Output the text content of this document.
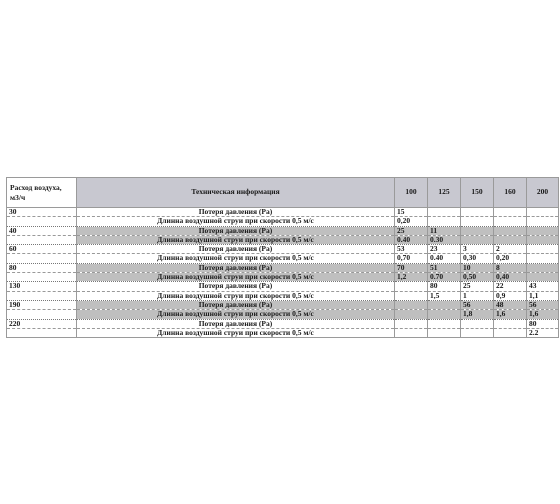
Расход воздуха, м3/ч	Техническая информация	100	125	150	160	200
30	Потеря давления (Pa)	15				
	Длинна воздушной струи при скорости 0,5 м/с	0,20				
40	Потеря давления (Pa)	25	11			
	Длинна воздушной струи при скорости 0,5 м/с	0.40	0.30			
60	Потеря давления (Pa)	53	23	3	2	
	Длинна воздушной струи при скорости 0,5 м/с	0,70	0.40	0,30	0,20	
80	Потеря давления (Pa)	70	51	10	8	
	Длинна воздушной струи при скорости 0,5 м/с	1,2	0.70	0,50	0,40	
130	Потеря давления (Pa)		80	25	22	43
	Длинна воздушной струи при скорости 0,5 м/с		1,5	1	0,9	1,1
190	Потеря давления (Pa)			56	48	56
	Длинна воздушной струи при скорости 0,5 м/с			1,8	1,6	1,6
220	Потеря давления (Pa)					80
	Длинна воздушной струи при скорости 0,5 м/с					2.2
